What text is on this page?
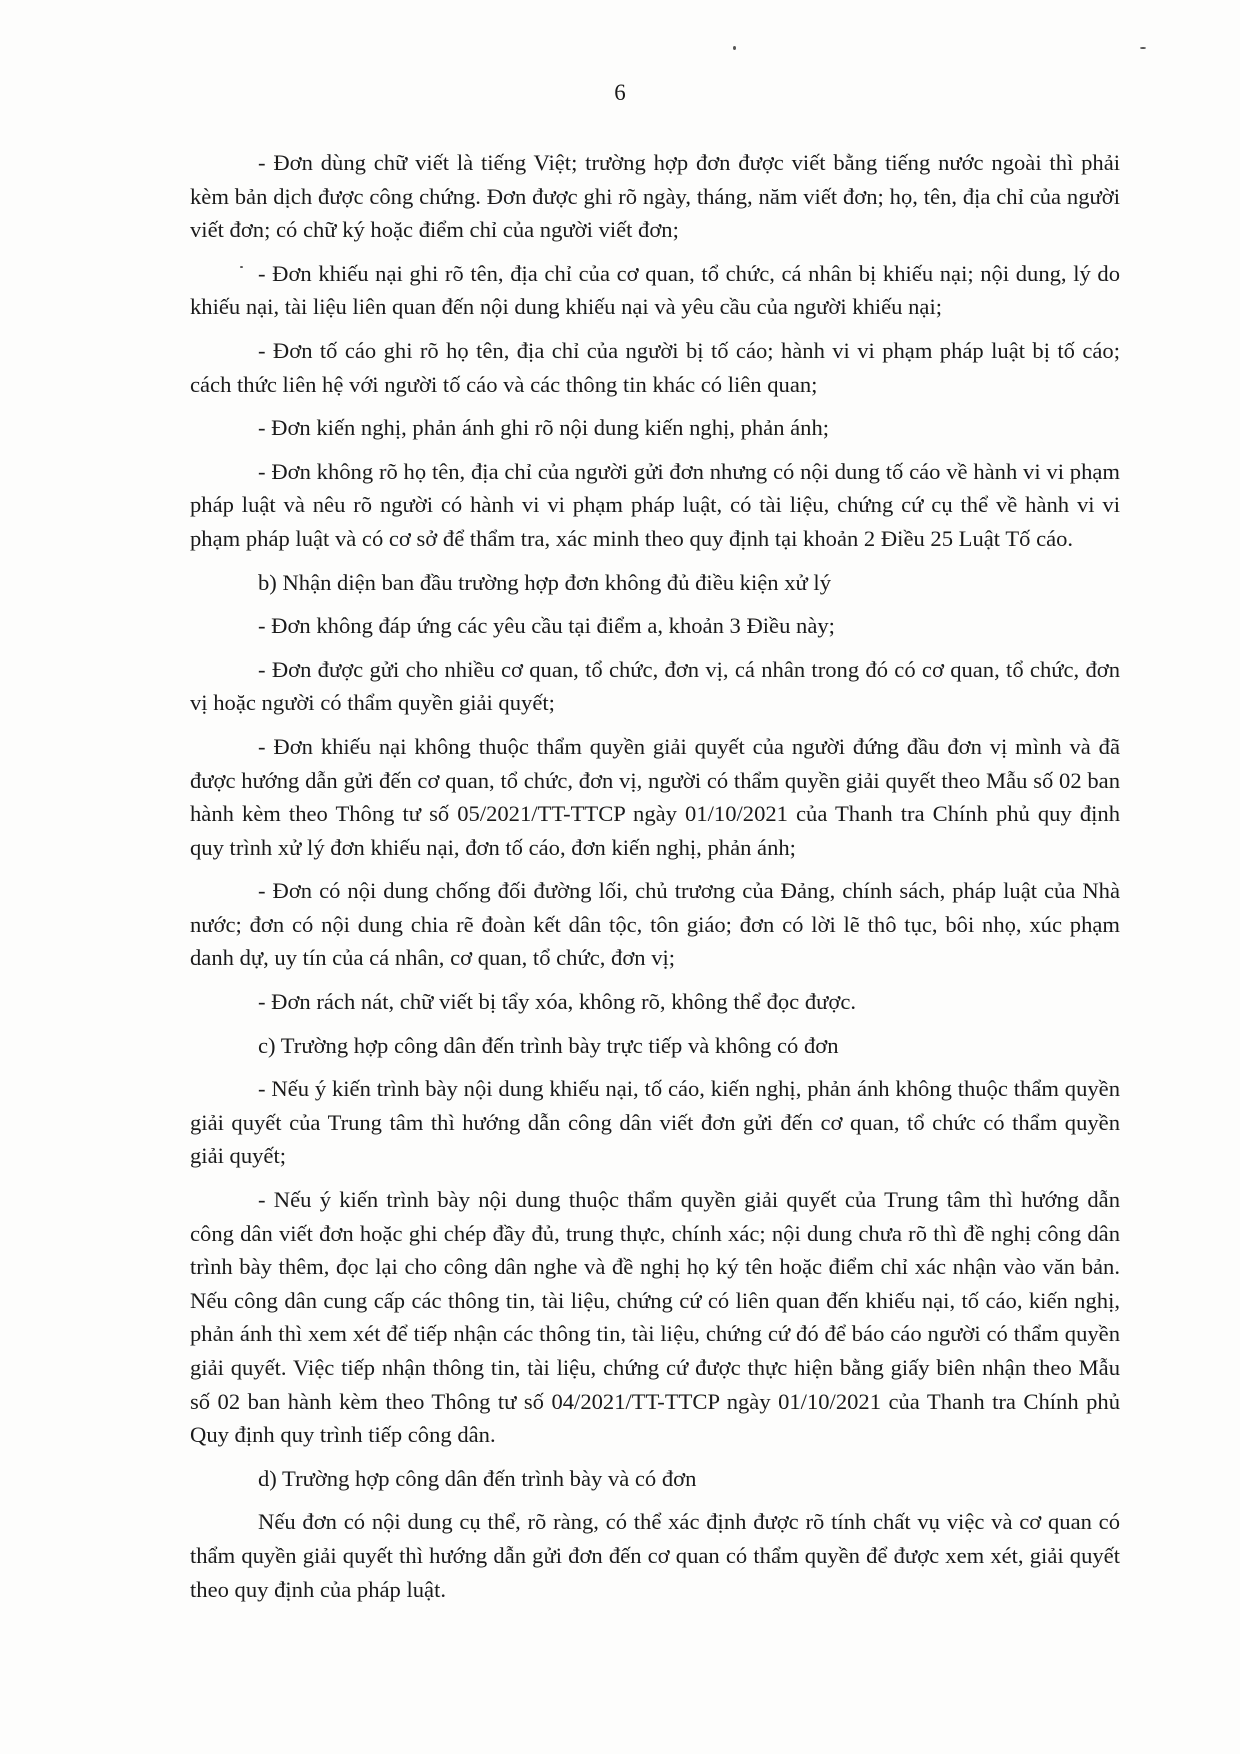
6

- Đơn dùng chữ viết là tiếng Việt; trường hợp đơn được viết bằng tiếng nước ngoài thì phải kèm bản dịch được công chứng. Đơn được ghi rõ ngày, tháng, năm viết đơn; họ, tên, địa chỉ của người viết đơn; có chữ ký hoặc điểm chỉ của người viết đơn;

- Đơn khiếu nại ghi rõ tên, địa chỉ của cơ quan, tổ chức, cá nhân bị khiếu nại; nội dung, lý do khiếu nại, tài liệu liên quan đến nội dung khiếu nại và yêu cầu của người khiếu nại;

- Đơn tố cáo ghi rõ họ tên, địa chỉ của người bị tố cáo; hành vi vi phạm pháp luật bị tố cáo; cách thức liên hệ với người tố cáo và các thông tin khác có liên quan;

- Đơn kiến nghị, phản ánh ghi rõ nội dung kiến nghị, phản ánh;

- Đơn không rõ họ tên, địa chỉ của người gửi đơn nhưng có nội dung tố cáo về hành vi vi phạm pháp luật và nêu rõ người có hành vi vi phạm pháp luật, có tài liệu, chứng cứ cụ thể về hành vi vi phạm pháp luật và có cơ sở để thẩm tra, xác minh theo quy định tại khoản 2 Điều 25 Luật Tố cáo.

b) Nhận diện ban đầu trường hợp đơn không đủ điều kiện xử lý

- Đơn không đáp ứng các yêu cầu tại điểm a, khoản 3 Điều này;

- Đơn được gửi cho nhiều cơ quan, tổ chức, đơn vị, cá nhân trong đó có cơ quan, tổ chức, đơn vị hoặc người có thẩm quyền giải quyết;

- Đơn khiếu nại không thuộc thẩm quyền giải quyết của người đứng đầu đơn vị mình và đã được hướng dẫn gửi đến cơ quan, tổ chức, đơn vị, người có thẩm quyền giải quyết theo Mẫu số 02 ban hành kèm theo Thông tư số 05/2021/TT-TTCP ngày 01/10/2021 của Thanh tra Chính phủ quy định quy trình xử lý đơn khiếu nại, đơn tố cáo, đơn kiến nghị, phản ánh;

- Đơn có nội dung chống đối đường lối, chủ trương của Đảng, chính sách, pháp luật của Nhà nước; đơn có nội dung chia rẽ đoàn kết dân tộc, tôn giáo; đơn có lời lẽ thô tục, bôi nhọ, xúc phạm danh dự, uy tín của cá nhân, cơ quan, tổ chức, đơn vị;

- Đơn rách nát, chữ viết bị tẩy xóa, không rõ, không thể đọc được.

c) Trường hợp công dân đến trình bày trực tiếp và không có đơn

- Nếu ý kiến trình bày nội dung khiếu nại, tố cáo, kiến nghị, phản ánh không thuộc thẩm quyền giải quyết của Trung tâm thì hướng dẫn công dân viết đơn gửi đến cơ quan, tổ chức có thẩm quyền giải quyết;

- Nếu ý kiến trình bày nội dung thuộc thẩm quyền giải quyết của Trung tâm thì hướng dẫn công dân viết đơn hoặc ghi chép đầy đủ, trung thực, chính xác; nội dung chưa rõ thì đề nghị công dân trình bày thêm, đọc lại cho công dân nghe và đề nghị họ ký tên hoặc điểm chỉ xác nhận vào văn bản. Nếu công dân cung cấp các thông tin, tài liệu, chứng cứ có liên quan đến khiếu nại, tố cáo, kiến nghị, phản ánh thì xem xét để tiếp nhận các thông tin, tài liệu, chứng cứ đó để báo cáo người có thẩm quyền giải quyết. Việc tiếp nhận thông tin, tài liệu, chứng cứ được thực hiện bằng giấy biên nhận theo Mẫu số 02 ban hành kèm theo Thông tư số 04/2021/TT-TTCP ngày 01/10/2021 của Thanh tra Chính phủ Quy định quy trình tiếp công dân.

d) Trường hợp công dân đến trình bày và có đơn

Nếu đơn có nội dung cụ thể, rõ ràng, có thể xác định được rõ tính chất vụ việc và cơ quan có thẩm quyền giải quyết thì hướng dẫn gửi đơn đến cơ quan có thẩm quyền để được xem xét, giải quyết theo quy định của pháp luật.
